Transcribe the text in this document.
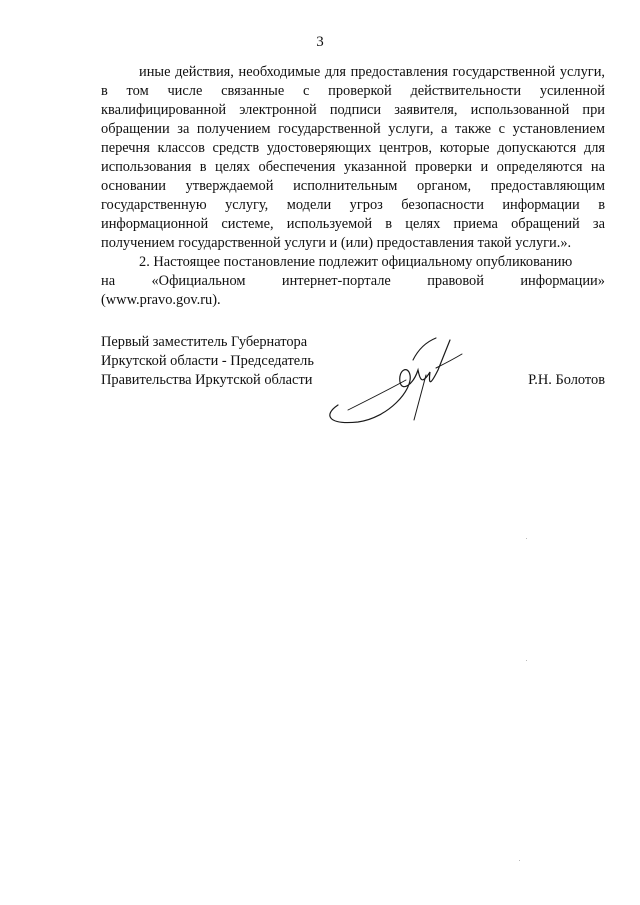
3

иные действия, необходимые для предоставления государственной услуги, в том числе связанные с проверкой действительности усиленной квалифицированной электронной подписи заявителя, использованной при обращении за получением государственной услуги, а также с установлением перечня классов средств удостоверяющих центров, которые допускаются для использования в целях обеспечения указанной проверки и определяются на основании утверждаемой исполнительным органом, предоставляющим государственную услугу, модели угроз безопасности информации в информационной системе, используемой в целях приема обращений за получением государственной услуги и (или) предоставления такой услуги.».

2. Настоящее постановление подлежит официальному опубликованию

на	«Официальном	интернет-портале	правовой	информации»
(www.pravo.gov.ru).
Первый заместитель Губернатора
Иркутской области - Председатель
Правительства Иркутской области	Р.Н. Болотов
